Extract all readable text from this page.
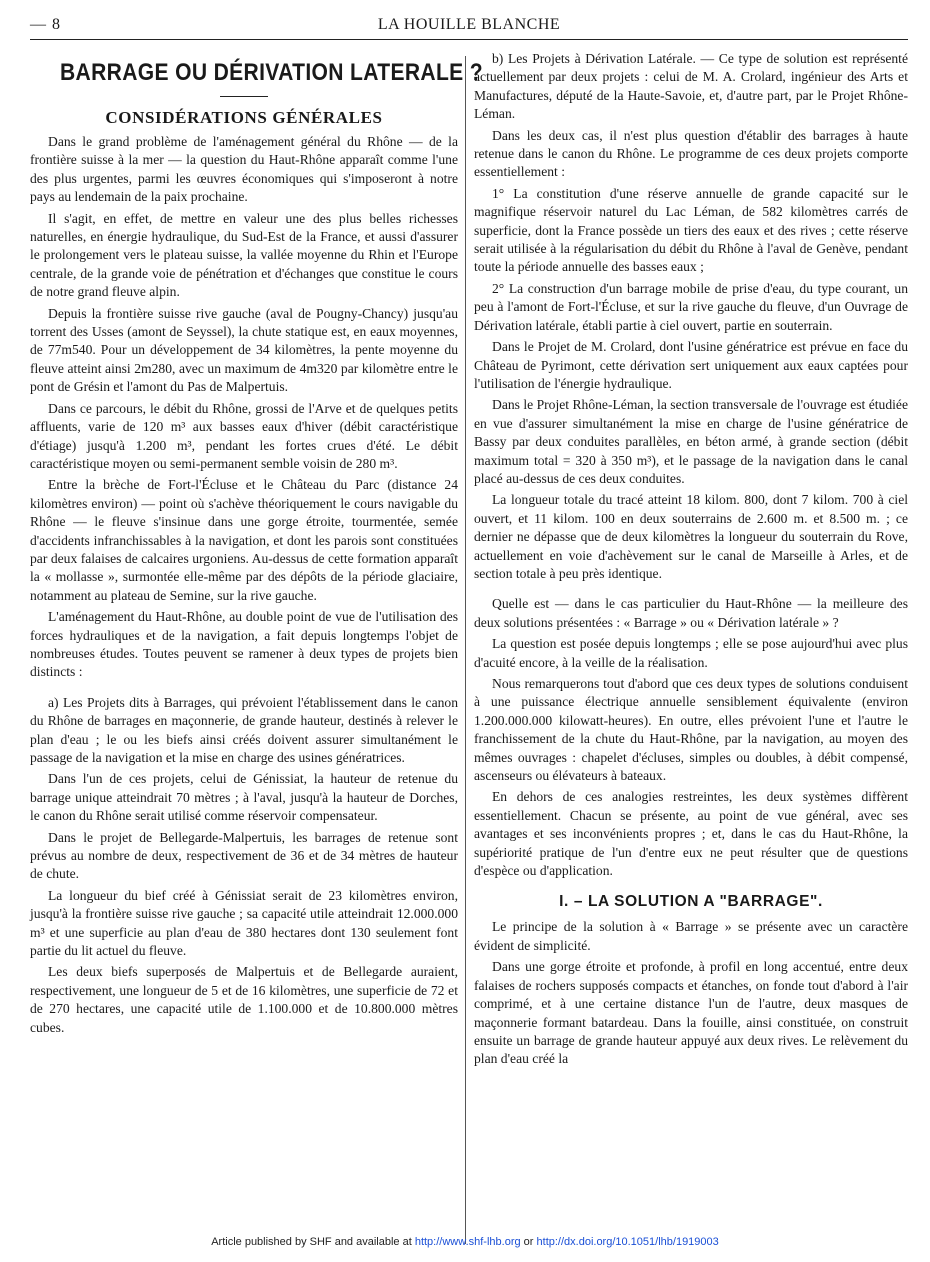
— 8	LA HOUILLE BLANCHE
BARRAGE OU DÉRIVATION LATERALE ?
CONSIDÉRATIONS GÉNÉRALES

Dans le grand problème de l'aménagement général du Rhône — de la frontière suisse à la mer — la question du Haut-Rhône apparaît comme l'une des plus urgentes, parmi les œuvres économiques qui s'imposeront à notre pays au lendemain de la paix prochaine.

Il s'agit, en effet, de mettre en valeur une des plus belles richesses naturelles, en énergie hydraulique, du Sud-Est de la France, et aussi d'assurer le prolongement vers le plateau suisse, la vallée moyenne du Rhin et l'Europe centrale, de la grande voie de pénétration et d'échanges que constitue le cours de notre grand fleuve alpin.

Depuis la frontière suisse rive gauche (aval de Pougny-Chancy) jusqu'au torrent des Usses (amont de Seyssel), la chute statique est, en eaux moyennes, de 77m540. Pour un développement de 34 kilomètres, la pente moyenne du fleuve atteint ainsi 2m280, avec un maximum de 4m320 par kilomètre entre le pont de Grésin et l'amont du Pas de Malpertuis.

Dans ce parcours, le débit du Rhône, grossi de l'Arve et de quelques petits affluents, varie de 120 m³ aux basses eaux d'hiver (débit caractéristique d'étiage) jusqu'à 1.200 m³, pendant les fortes crues d'été. Le débit caractéristique moyen ou semi-permanent semble voisin de 280 m³.

Entre la brèche de Fort-l'Écluse et le Château du Parc (distance 24 kilomètres environ) — point où s'achève théoriquement le cours navigable du Rhône — le fleuve s'insinue dans une gorge étroite, tourmentée, semée d'accidents infranchissables à la navigation, et dont les parois sont constituées par deux falaises de calcaires urgoniens. Au-dessus de cette formation apparaît la « mollasse », surmontée elle-même par des dépôts de la période glaciaire, notamment au plateau de Semine, sur la rive gauche.

L'aménagement du Haut-Rhône, au double point de vue de l'utilisation des forces hydrauliques et de la navigation, a fait depuis longtemps l'objet de nombreuses études. Toutes peuvent se ramener à deux types de projets bien distincts :

a) Les Projets dits à Barrages, qui prévoient l'établissement dans le canon du Rhône de barrages en maçonnerie, de grande hauteur, destinés à relever le plan d'eau ; le ou les biefs ainsi créés doivent assurer simultanément le passage de la navigation et la mise en charge des usines génératrices.

Dans l'un de ces projets, celui de Génissiat, la hauteur de retenue du barrage unique atteindrait 70 mètres ; à l'aval, jusqu'à la hauteur de Dorches, le canon du Rhône serait utilisé comme réservoir compensateur.

Dans le projet de Bellegarde-Malpertuis, les barrages de retenue sont prévus au nombre de deux, respectivement de 36 et de 34 mètres de hauteur de chute.

La longueur du bief créé à Génissiat serait de 23 kilomètres environ, jusqu'à la frontière suisse rive gauche ; sa capacité utile atteindrait 12.000.000 m³ et une superficie au plan d'eau de 380 hectares dont 130 seulement font partie du lit actuel du fleuve.

Les deux biefs superposés de Malpertuis et de Bellegarde auraient, respectivement, une longueur de 5 et de 16 kilomètres, une superficie de 72 et de 270 hectares, une capacité utile de 1.100.000 et de 10.800.000 mètres cubes.

b) Les Projets à Dérivation Latérale. — Ce type de solution est représenté actuellement par deux projets : celui de M. A. Crolard, ingénieur des Arts et Manufactures, député de la Haute-Savoie, et, d'autre part, par le Projet Rhône-Léman.

Dans les deux cas, il n'est plus question d'établir des barrages à haute retenue dans le canon du Rhône. Le programme de ces deux projets comporte essentiellement :

1° La constitution d'une réserve annuelle de grande capacité sur le magnifique réservoir naturel du Lac Léman, de 582 kilomètres carrés de superficie, dont la France possède un tiers des eaux et des rives ; cette réserve serait utilisée à la régularisation du débit du Rhône à l'aval de Genève, pendant toute la période annuelle des basses eaux ;

2° La construction d'un barrage mobile de prise d'eau, du type courant, un peu à l'amont de Fort-l'Écluse, et sur la rive gauche du fleuve, d'un Ouvrage de Dérivation latérale, établi partie à ciel ouvert, partie en souterrain.

Dans le Projet de M. Crolard, dont l'usine génératrice est prévue en face du Château de Pyrimont, cette dérivation sert uniquement aux eaux captées pour l'utilisation de l'énergie hydraulique.

Dans le Projet Rhône-Léman, la section transversale de l'ouvrage est étudiée en vue d'assurer simultanément la mise en charge de l'usine génératrice de Bassy par deux conduites parallèles, en béton armé, à grande section (débit maximum total = 320 à 350 m³), et le passage de la navigation dans le canal placé au-dessus de ces deux conduites.

La longueur totale du tracé atteint 18 kilom. 800, dont 7 kilom. 700 à ciel ouvert, et 11 kilom. 100 en deux souterrains de 2.600 m. et 8.500 m. ; ce dernier ne dépasse que de deux kilomètres la longueur du souterrain du Rove, actuellement en voie d'achèvement sur le canal de Marseille à Arles, et de section totale à peu près identique.

Quelle est — dans le cas particulier du Haut-Rhône — la meilleure des deux solutions présentées : « Barrage » ou « Dérivation latérale » ?

La question est posée depuis longtemps ; elle se pose aujourd'hui avec plus d'acuité encore, à la veille de la réalisation.

Nous remarquerons tout d'abord que ces deux types de solutions conduisent à une puissance électrique annuelle sensiblement équivalente (environ 1.200.000.000 kilowatt-heures). En outre, elles prévoient l'une et l'autre le franchissement de la chute du Haut-Rhône, par la navigation, au moyen des mêmes ouvrages : chapelet d'écluses, simples ou doubles, à débit compensé, ascenseurs ou élévateurs à bateaux.

En dehors de ces analogies restreintes, les deux systèmes diffèrent essentiellement. Chacun se présente, au point de vue général, avec ses avantages et ses inconvénients propres ; et, dans le cas du Haut-Rhône, la supériorité pratique de l'un d'entre eux ne peut résulter que de questions d'espèce ou d'application.

I. – LA SOLUTION A "BARRAGE".

Le principe de la solution à « Barrage » se présente avec un caractère évident de simplicité.

Dans une gorge étroite et profonde, à profil en long accentué, entre deux falaises de rochers supposés compacts et étanches, on fonde tout d'abord à l'air comprimé, et à une certaine distance l'un de l'autre, deux masques de maçonnerie formant batardeau. Dans la fouille, ainsi constituée, on construit ensuite un barrage de grande hauteur appuyé aux deux rives. Le relèvement du plan d'eau créé la

Article published by SHF and available at http://www.shf-lhb.org or http://dx.doi.org/10.1051/lhb/1919003
